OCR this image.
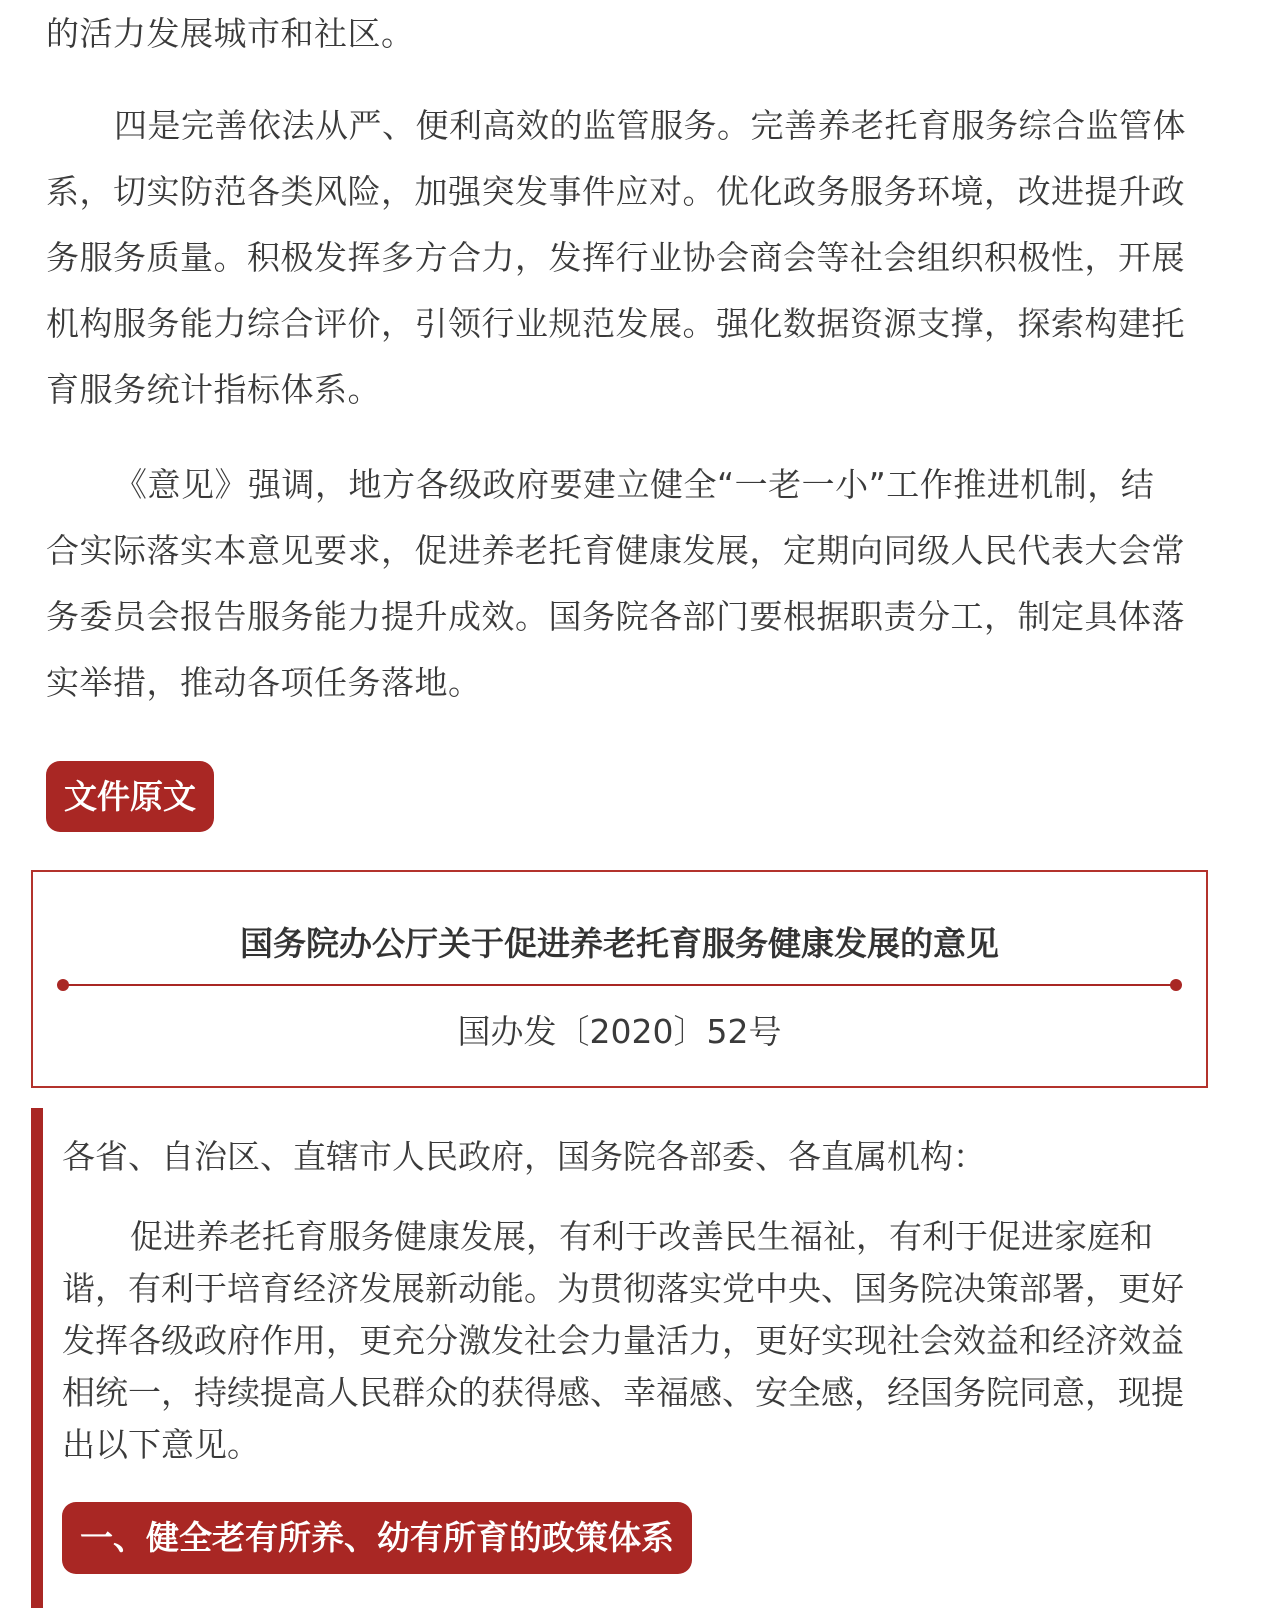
的活力发展城市和社区。

四是完善依法从严、便利高效的监管服务。完善养老托育服务综合监管体系，切实防范各类风险，加强突发事件应对。优化政务服务环境，改进提升政务服务质量。积极发挥多方合力，发挥行业协会商会等社会组织积极性，开展机构服务能力综合评价，引领行业规范发展。强化数据资源支撑，探索构建托育服务统计指标体系。

《意见》强调，地方各级政府要建立健全“一老一小”工作推进机制，结合实际落实本意见要求，促进养老托育健康发展，定期向同级人民代表大会常务委员会报告服务能力提升成效。国务院各部门要根据职责分工，制定具体落实举措，推动各项任务落地。

文件原文
国务院办公厅关于促进养老托育服务健康发展的意见
国办发〔2020〕52号

各省、自治区、直辖市人民政府，国务院各部委、各直属机构：

促进养老托育服务健康发展，有利于改善民生福祉，有利于促进家庭和谐，有利于培育经济发展新动能。为贯彻落实党中央、国务院决策部署，更好发挥各级政府作用，更充分激发社会力量活力，更好实现社会效益和经济效益相统一，持续提高人民群众的获得感、幸福感、安全感，经国务院同意，现提出以下意见。

一、健全老有所养、幼有所育的政策体系
